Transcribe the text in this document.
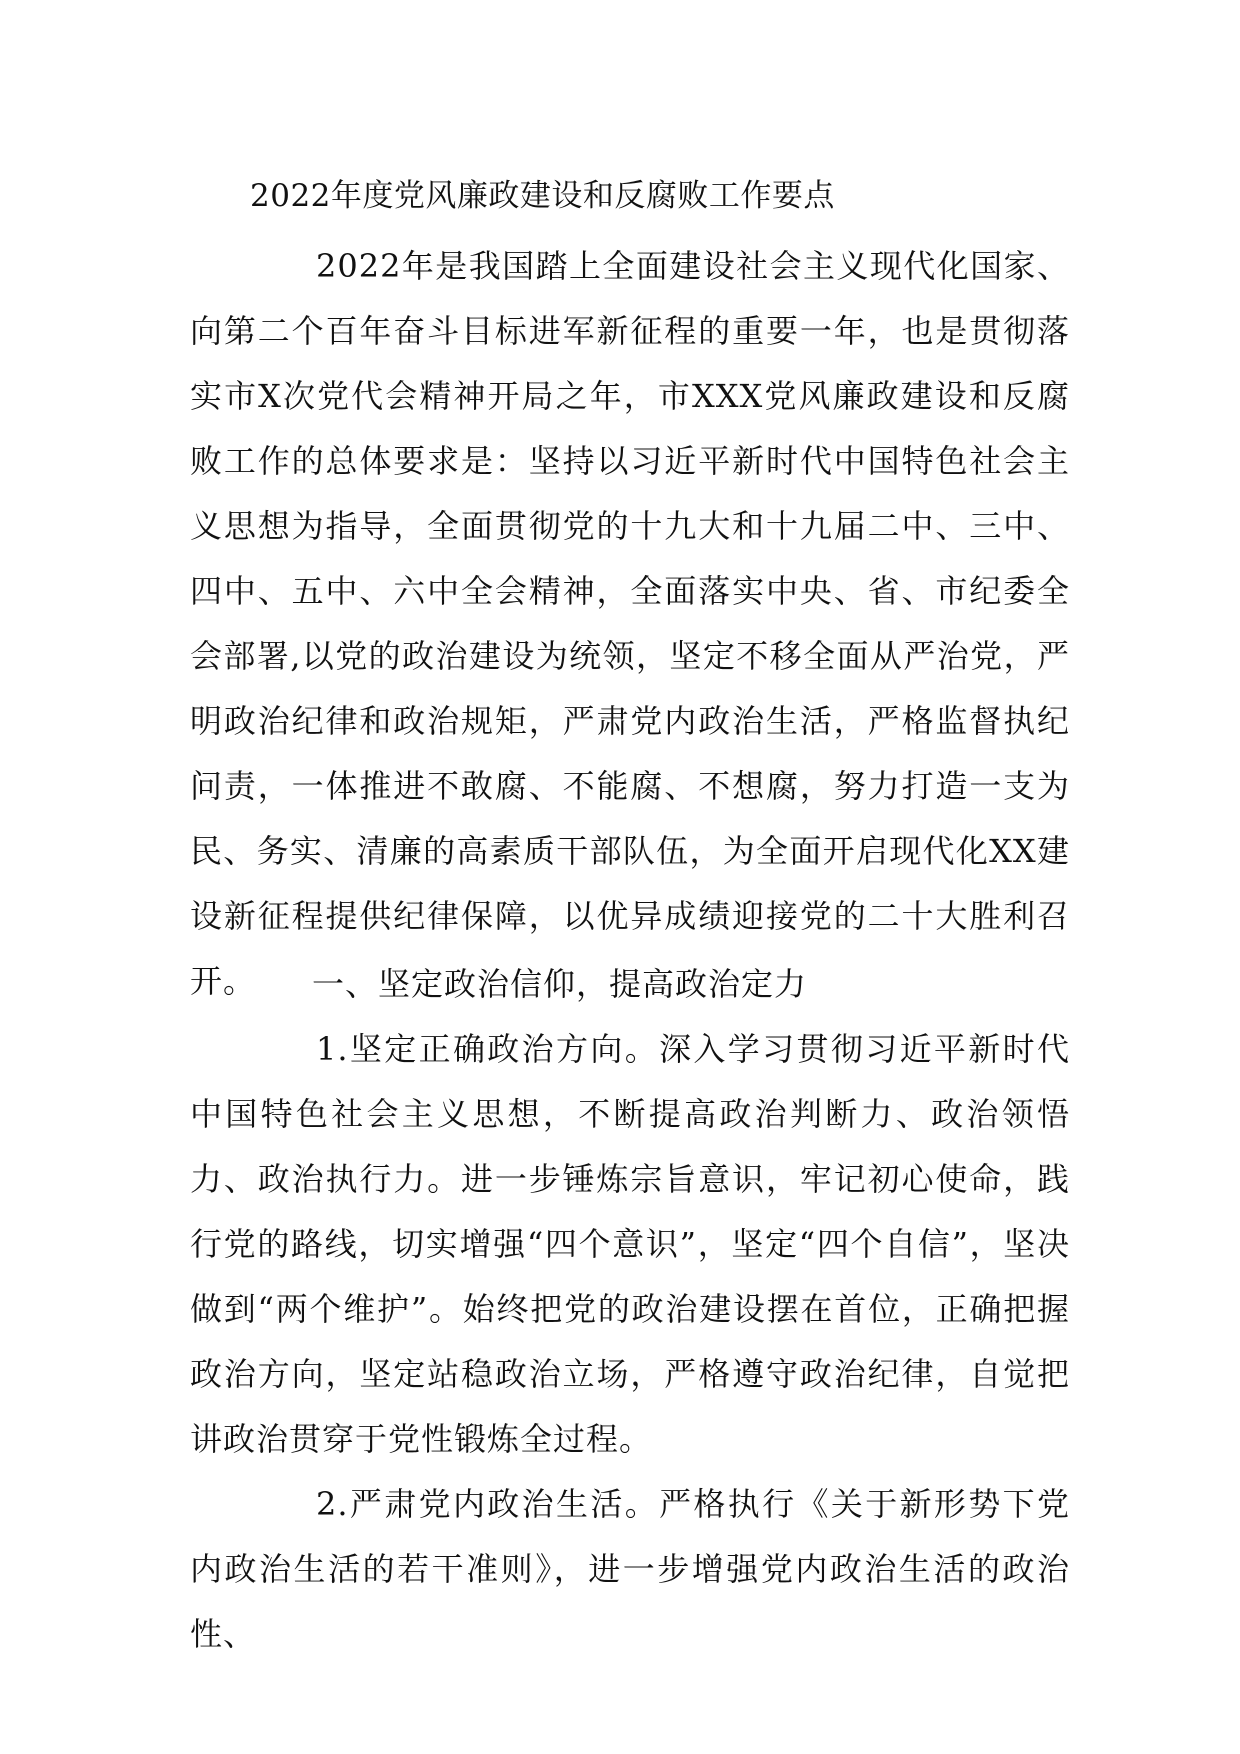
2022年度党风廉政建设和反腐败工作要点

2022年是我国踏上全面建设社会主义现代化国家、向第二个百年奋斗目标进军新征程的重要一年，也是贯彻落实市X次党代会精神开局之年，市XXX党风廉政建设和反腐败工作的总体要求是：坚持以习近平新时代中国特色社会主义思想为指导，全面贯彻党的十九大和十九届二中、三中、四中、五中、六中全会精神，全面落实中央、省、市纪委全会部署,以党的政治建设为统领，坚定不移全面从严治党，严明政治纪律和政治规矩，严肃党内政治生活，严格监督执纪问责，一体推进不敢腐、不能腐、不想腐，努力打造一支为民、务实、清廉的高素质干部队伍，为全面开启现代化XX建设新征程提供纪律保障，以优异成绩迎接党的二十大胜利召开。	一、坚定政治信仰，提高政治定力

1.坚定正确政治方向。深入学习贯彻习近平新时代中国特色社会主义思想，不断提高政治判断力、政治领悟力、政治执行力。进一步锤炼宗旨意识，牢记初心使命，践行党的路线，切实增强“四个意识”，坚定“四个自信”，坚决做到“两个维护”。始终把党的政治建设摆在首位，正确把握政治方向，坚定站稳政治立场，严格遵守政治纪律，自觉把讲政治贯穿于党性锻炼全过程。

2.严肃党内政治生活。严格执行《关于新形势下党内政治生活的若干准则》，进一步增强党内政治生活的政治性、
